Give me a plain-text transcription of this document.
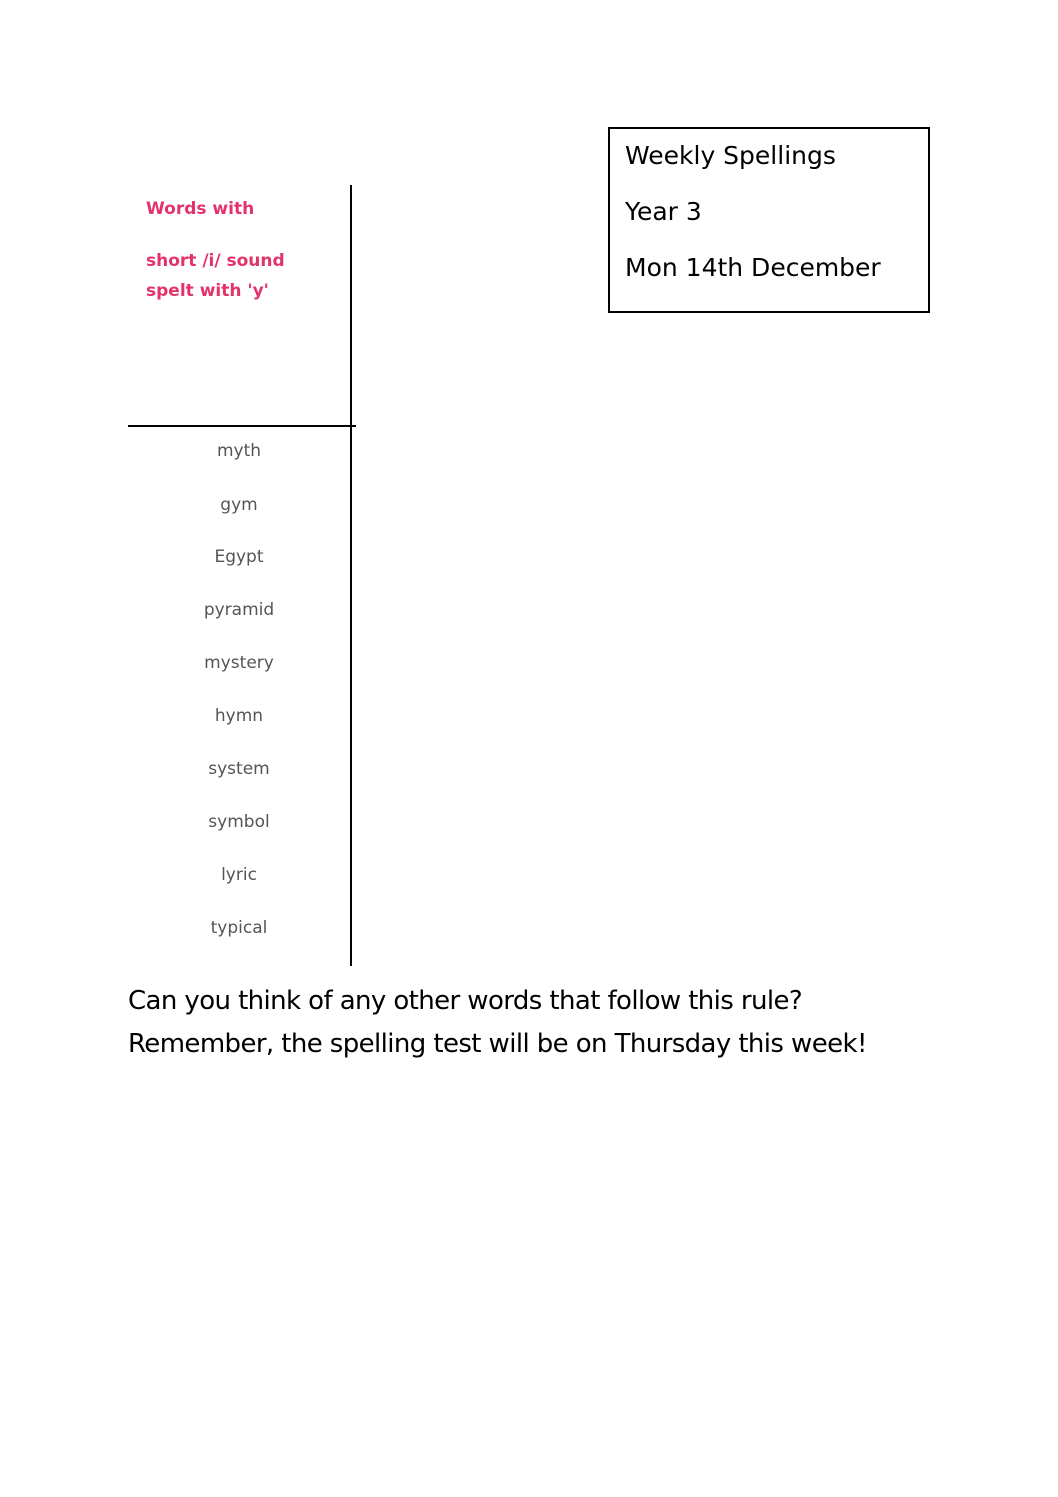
Weekly Spellings
Year 3
Mon 14th December
Words with
short /i/ sound
spelt with 'y'
myth
gym
Egypt
pyramid
mystery
hymn
system
symbol
lyric
typical
Can you think of any other words that follow this rule?
Remember, the spelling test will be on Thursday this week!
